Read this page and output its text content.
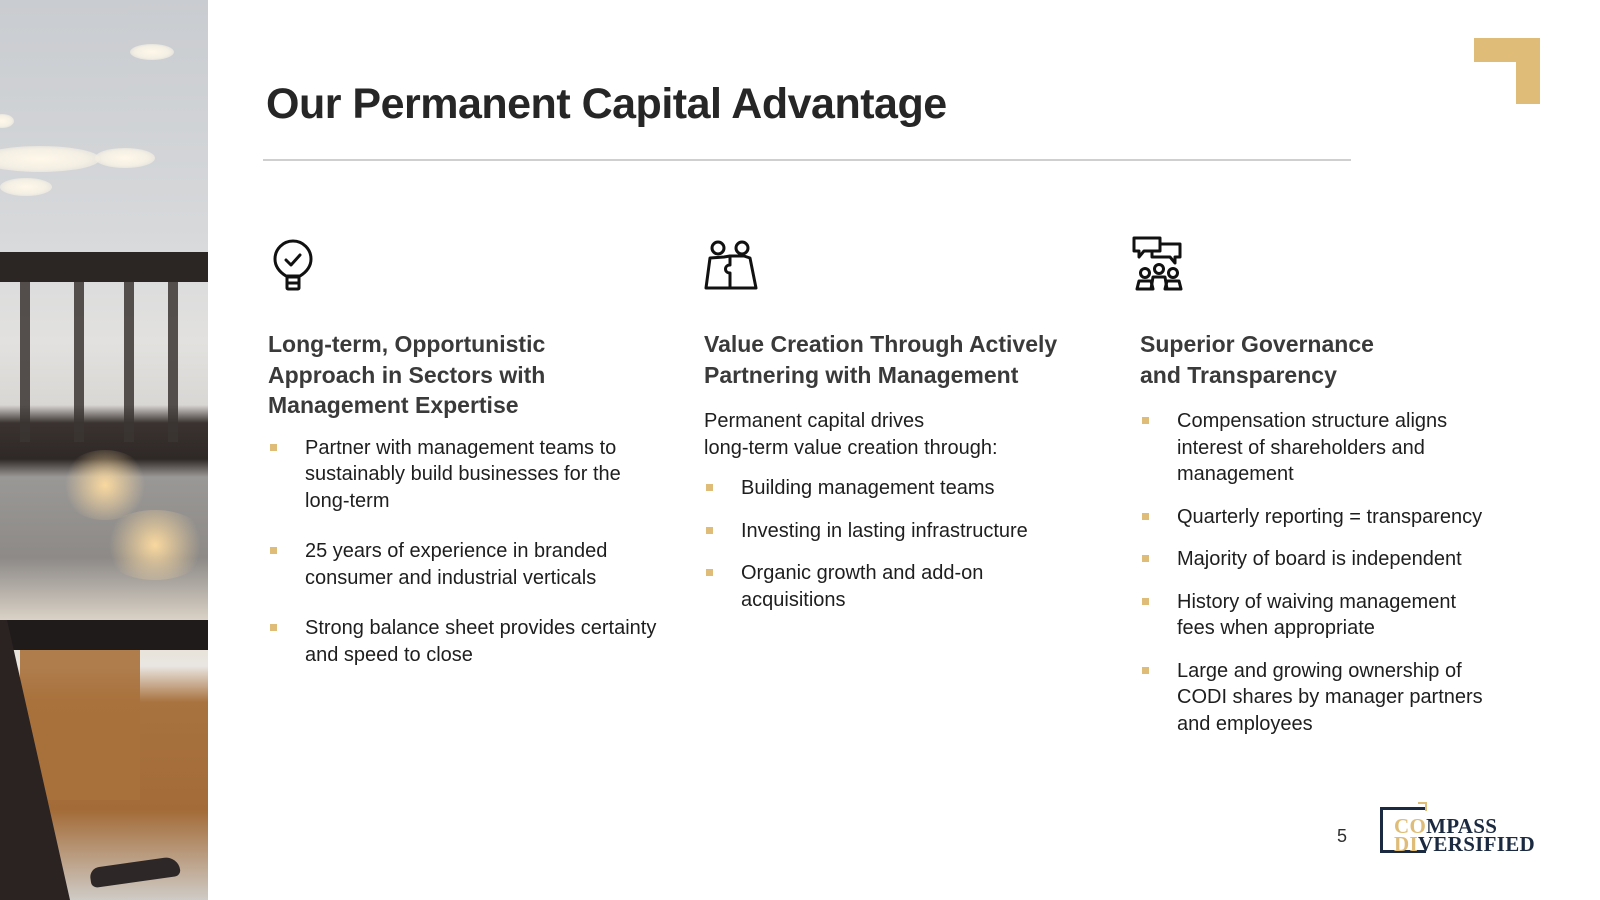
Our Permanent Capital Advantage
Long-term, Opportunistic
Approach in Sectors with
Management Expertise
Partner with management teams to sustainably build businesses for the long-term
25 years of experience in branded consumer and industrial verticals
Strong balance sheet provides certainty and speed to close
Value Creation Through Actively
Partnering with Management

Permanent capital drives
long-term value creation through:

Building management teams
Investing in lasting infrastructure
Organic growth and add-on acquisitions
Superior Governance
and Transparency
Compensation structure aligns interest of shareholders and management
Quarterly reporting = transparency
Majority of board is independent
History of waiving management fees when appropriate
Large and growing ownership of CODI shares by manager partners and employees
5 COMPASS
DIVERSIFIED
